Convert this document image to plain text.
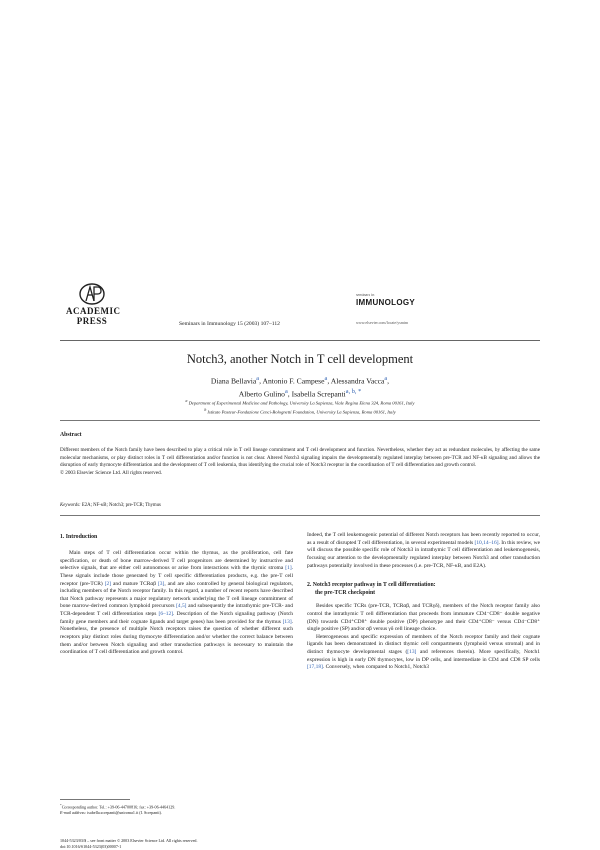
ACADEMIC
PRESS	Seminars in Immunology 15 (2003) 107–112
seminars in
IMMUNOLOGY
www.elsevier.com/locate/ysmim
Notch3, another Notch in T cell development
Diana Bellavia$^a$, Antonio F. Campese$^a$, Alessandra Vacca$^a$,
Alberto Gulino$^a$, Isabella Screpanti$^{a, b, *}$
$^a$ Department of Experimental Medicine and Pathology, University La Sapienza, Viale Regina Elena 324, Roma 00161, Italy
$^b$ Istituto Pasteur-Fondazione Cenci-Bolognetti Foundation, University La Sapienza, Roma 00161, Italy
Abstract
Different members of the Notch family have been described to play a critical role in T cell lineage commitment and T cell development and function. Nevertheless, whether they act as redundant molecules, by affecting the same molecular mechanisms, or play distinct roles in T cell differentiation and/or function is not clear. Altered Notch3 signaling impairs the developmentally regulated interplay between pre-TCR and NF-κB signaling and allows the disruption of early thymocyte differentiation and the development of T cell leukemia, thus identifying the crucial role of Notch3 receptor in the coordination of T cell differentiation and growth control.
© 2003 Elsevier Science Ltd. All rights reserved.
Keywords: E2A; NF-κB; Notch3; pre-TCR; Thymus
1. Introduction

Main steps of T cell differentiation occur within the thymus, as the proliferation, cell fate specification, or death of bone marrow-derived T cell progenitors are determined by instructive and selective signals, that are either cell autonomous or arise from interactions with the thymic stroma [1]. These signals include those generated by T cell specific differentiation products, e.g. the pre-T cell receptor (pre-TCR) [2] and mature TCRαβ [3], and are also controlled by general biological regulators, including members of the Notch receptor family. In this regard, a number of recent reports have described that Notch pathway represents a major regulatory network underlying the T cell lineage commitment of bone marrow-derived common lymphoid precursors [4,5] and subsequently the intrathymic pre-TCR- and TCR-dependent T cell differentiation steps [6–12]. Description of the Notch signaling pathway (Notch family gene members and their cognate ligands and target genes) has been provided for the thymus [13]. Nonetheless, the presence of multiple Notch receptors raises the question of whether different such receptors play distinct roles during thymocyte differentiation and/or whether the correct balance between them and/or between Notch signaling and other transduction pathways is necessary to maintain the coordination of T cell differentiation and growth control.

Indeed, the T cell leukemogenic potential of different Notch receptors has been recently reported to occur, as a result of disrupted T cell differentiation, in several experimental models [10,14–16]. In this review, we will discuss the possible specific role of Notch3 in intrathymic T cell differentiation and leukemogenesis, focusing our attention to the developmentally regulated interplay between Notch3 and other transduction pathways potentially involved in these processes (i.e. pre-TCR, NF-κB, and E2A).

2. Notch3 receptor pathway in T cell differentiation:
the pre-TCR checkpoint

Besides specific TCRs (pre-TCR, TCRαβ, and TCRγδ), members of the Notch receptor family also control the intrathymic T cell differentiation that proceeds from immature CD4⁻CD8⁻ double negative (DN) towards CD4⁺CD8⁺ double positive (DP) phenotype and their CD4⁺CD8⁻ versus CD4⁻CD8⁺ single positive (SP) and/or αβ versus γδ cell lineage choice.

Heterogeneous and specific expression of members of the Notch receptor family and their cognate ligands has been demonstrated in distinct thymic cell compartments (lymphoid versus stromal) and in distinct thymocyte developmental stages ([13] and references therein). More specifically, Notch1 expression is high in early DN thymocytes, low in DP cells, and intermediate in CD4 and CD8 SP cells [17,18]. Conversely, when compared to Notch1, Notch3

*Corresponding author. Tel.: +39-06-44700816; fax: +39-06-4464129.
E-mail address: isabella.screpanti@uniroma1.it (I. Screpanti).
1044-5323/03/$ – see front matter © 2003 Elsevier Science Ltd. All rights reserved.
doi:10.1016/S1044-5323(03)00007-1
